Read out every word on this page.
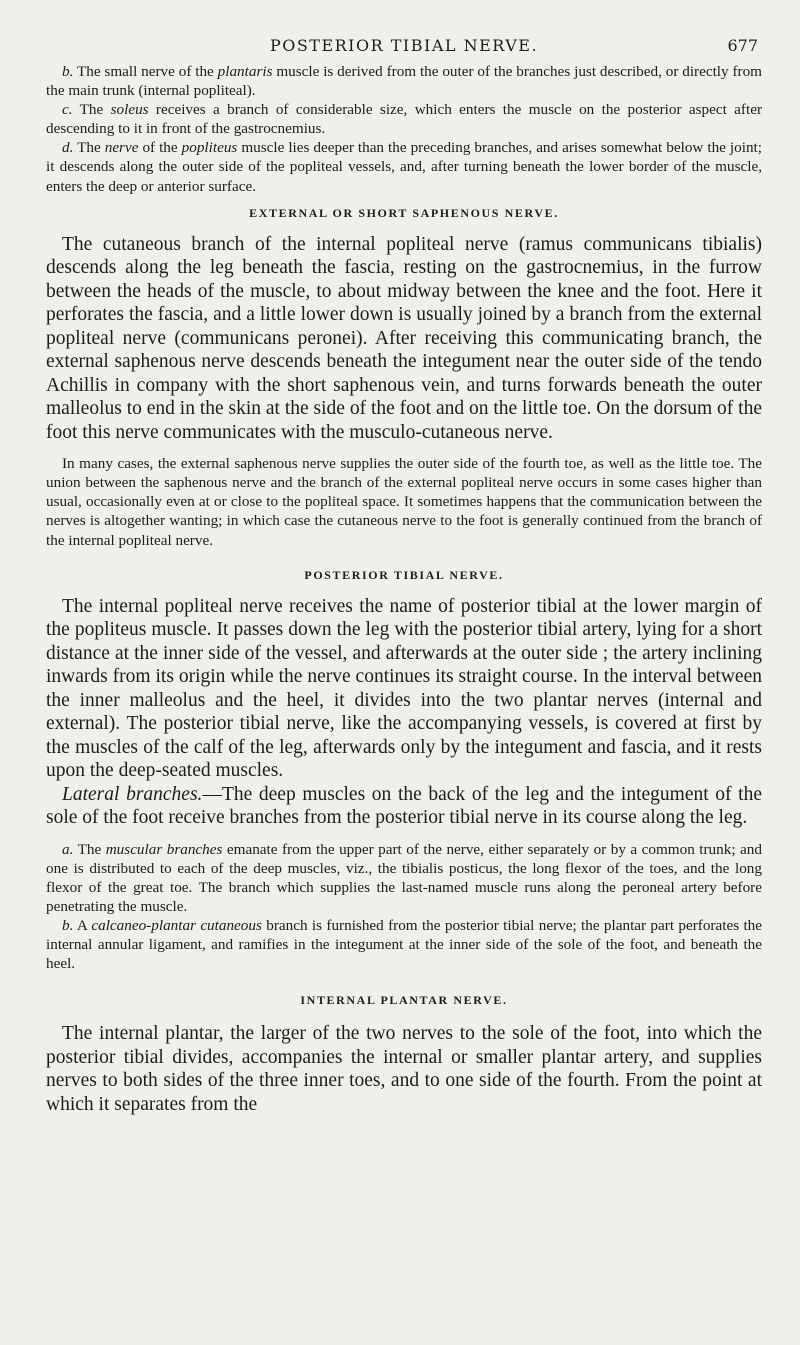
POSTERIOR TIBIAL NERVE.	677

b. The small nerve of the plantaris muscle is derived from the outer of the branches just described, or directly from the main trunk (internal popliteal).

c. The soleus receives a branch of considerable size, which enters the muscle on the posterior aspect after descending to it in front of the gastrocnemius.

d. The nerve of the popliteus muscle lies deeper than the preceding branches, and arises somewhat below the joint; it descends along the outer side of the popliteal vessels, and, after turning beneath the lower border of the muscle, enters the deep or anterior surface.

EXTERNAL OR SHORT SAPHENOUS NERVE.

The cutaneous branch of the internal popliteal nerve (ramus communicans tibialis) descends along the leg beneath the fascia, resting on the gastrocnemius, in the furrow between the heads of the muscle, to about midway between the knee and the foot. Here it perforates the fascia, and a little lower down is usually joined by a branch from the external popliteal nerve (communicans peronei). After receiving this communicating branch, the external saphenous nerve descends beneath the integument near the outer side of the tendo Achillis in company with the short saphenous vein, and turns forwards beneath the outer malleolus to end in the skin at the side of the foot and on the little toe. On the dorsum of the foot this nerve communicates with the musculo-cutaneous nerve.

In many cases, the external saphenous nerve supplies the outer side of the fourth toe, as well as the little toe. The union between the saphenous nerve and the branch of the external popliteal nerve occurs in some cases higher than usual, occasionally even at or close to the popliteal space. It sometimes happens that the communication between the nerves is altogether wanting; in which case the cutaneous nerve to the foot is generally continued from the branch of the internal popliteal nerve.

POSTERIOR TIBIAL NERVE.

The internal popliteal nerve receives the name of posterior tibial at the lower margin of the popliteus muscle. It passes down the leg with the posterior tibial artery, lying for a short distance at the inner side of the vessel, and afterwards at the outer side ; the artery inclining inwards from its origin while the nerve continues its straight course. In the interval between the inner malleolus and the heel, it divides into the two plantar nerves (internal and external). The posterior tibial nerve, like the accompanying vessels, is covered at first by the muscles of the calf of the leg, afterwards only by the integument and fascia, and it rests upon the deep-seated muscles.

Lateral branches.—The deep muscles on the back of the leg and the integument of the sole of the foot receive branches from the posterior tibial nerve in its course along the leg.

a. The muscular branches emanate from the upper part of the nerve, either separately or by a common trunk; and one is distributed to each of the deep muscles, viz., the tibialis posticus, the long flexor of the toes, and the long flexor of the great toe. The branch which supplies the last-named muscle runs along the peroneal artery before penetrating the muscle.

b. A calcaneo-plantar cutaneous branch is furnished from the posterior tibial nerve; the plantar part perforates the internal annular ligament, and ramifies in the integument at the inner side of the sole of the foot, and beneath the heel.

INTERNAL PLANTAR NERVE.

The internal plantar, the larger of the two nerves to the sole of the foot, into which the posterior tibial divides, accompanies the internal or smaller plantar artery, and supplies nerves to both sides of the three inner toes, and to one side of the fourth. From the point at which it separates from the
